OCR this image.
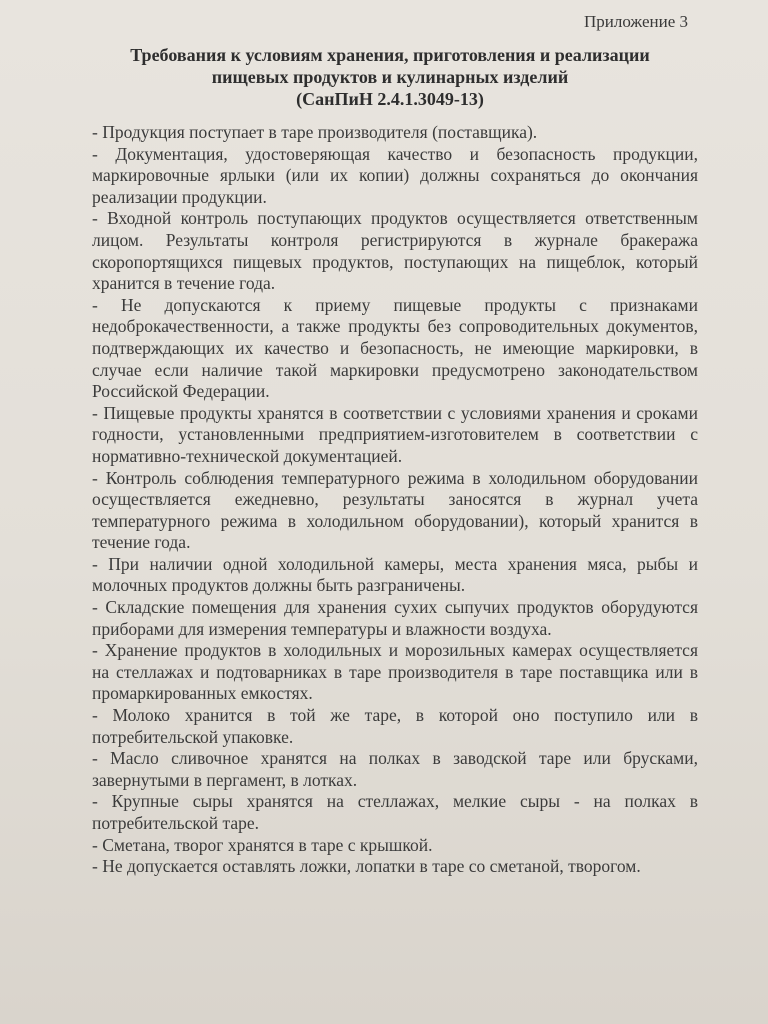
Приложение 3
Требования к условиям хранения, приготовления и реализации
пищевых продуктов и кулинарных изделий
(СанПиН 2.4.1.3049-13)

- Продукция поступает в таре производителя (поставщика).

- Документация, удостоверяющая качество и безопасность продукции, маркировочные ярлыки (или их копии) должны сохраняться до окончания реализации продукции.

- Входной контроль поступающих продуктов осуществляется ответственным лицом. Результаты контроля регистрируются в журнале бракеража скоропортящихся пищевых продуктов, поступающих на пищеблок, который хранится в течение года.

- Не допускаются к приему пищевые продукты с признаками недоброкачественности, а также продукты без сопроводительных документов, подтверждающих их качество и безопасность, не имеющие маркировки, в случае если наличие такой маркировки предусмотрено законодательством Российской Федерации.

- Пищевые продукты хранятся в соответствии с условиями хранения и сроками годности, установленными предприятием-изготовителем в соответствии с нормативно-технической документацией.

- Контроль соблюдения температурного режима в холодильном оборудовании осуществляется ежедневно, результаты заносятся в журнал учета температурного режима в холодильном оборудовании), который хранится в течение года.

- При наличии одной холодильной камеры, места хранения мяса, рыбы и молочных продуктов должны быть разграничены.

- Складские помещения для хранения сухих сыпучих продуктов оборудуются приборами для измерения температуры и влажности воздуха.

- Хранение продуктов в холодильных и морозильных камерах осуществляется на стеллажах и подтоварниках в таре производителя в таре поставщика или в промаркированных емкостях.

- Молоко хранится в той же таре, в которой оно поступило или в потребительской упаковке.

- Масло сливочное хранятся на полках в заводской таре или брусками, завернутыми в пергамент, в лотках.

- Крупные сыры хранятся на стеллажах, мелкие сыры - на полках в потребительской таре.

- Сметана, творог хранятся в таре с крышкой.

- Не допускается оставлять ложки, лопатки в таре со сметаной, творогом.
